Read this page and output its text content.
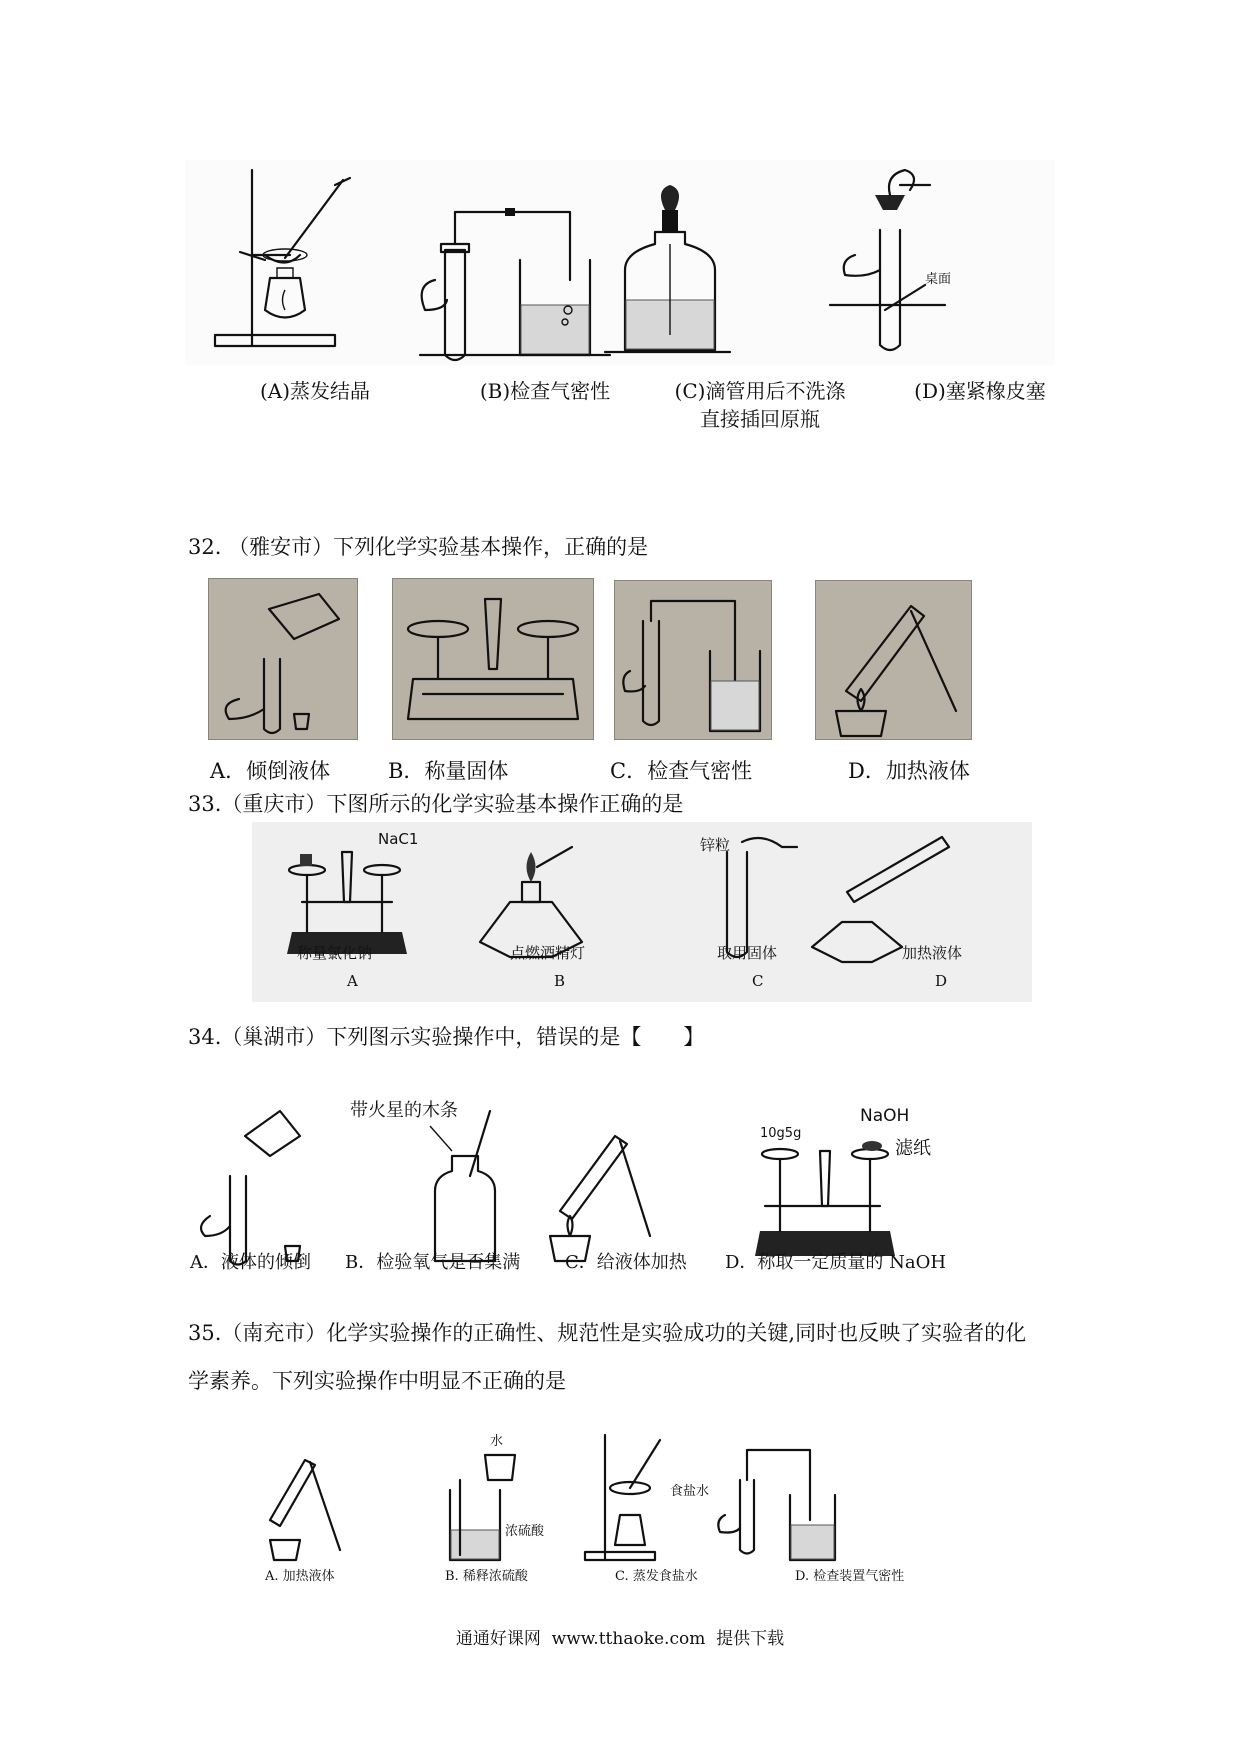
桌面
(A)蒸发结晶	(B)检查气密性	(C)滴管用后不洗涤
直接插回原瓶
(D)塞紧橡皮塞
32. （雅安市）下列化学实验基本操作，正确的是
A．倾倒液体	B．称量固体	C．检查气密性	D．加热液体
33.（重庆市）下图所示的化学实验基本操作正确的是
NaC1	锌粒
称量氯化钠	点燃酒精灯	取用固体	加热液体
A	B	C	D
34.（巢湖市）下列图示实验操作中，错误的是【　　】
带火星的木条
10g5g
NaOH
滤纸
A．液体的倾倒 B．检验氧气是否集满 C．给液体加热 D．称取一定质量的 NaOH
35.（南充市）化学实验操作的正确性、规范性是实验成功的关键,同时也反映了实验者的化
学素养。下列实验操作中明显不正确的是
水
浓硫酸
食盐水
A. 加热液体	B. 稀释浓硫酸	C. 蒸发食盐水	D. 检查装置气密性
通通好课网  www.tthaoke.com  提供下载
